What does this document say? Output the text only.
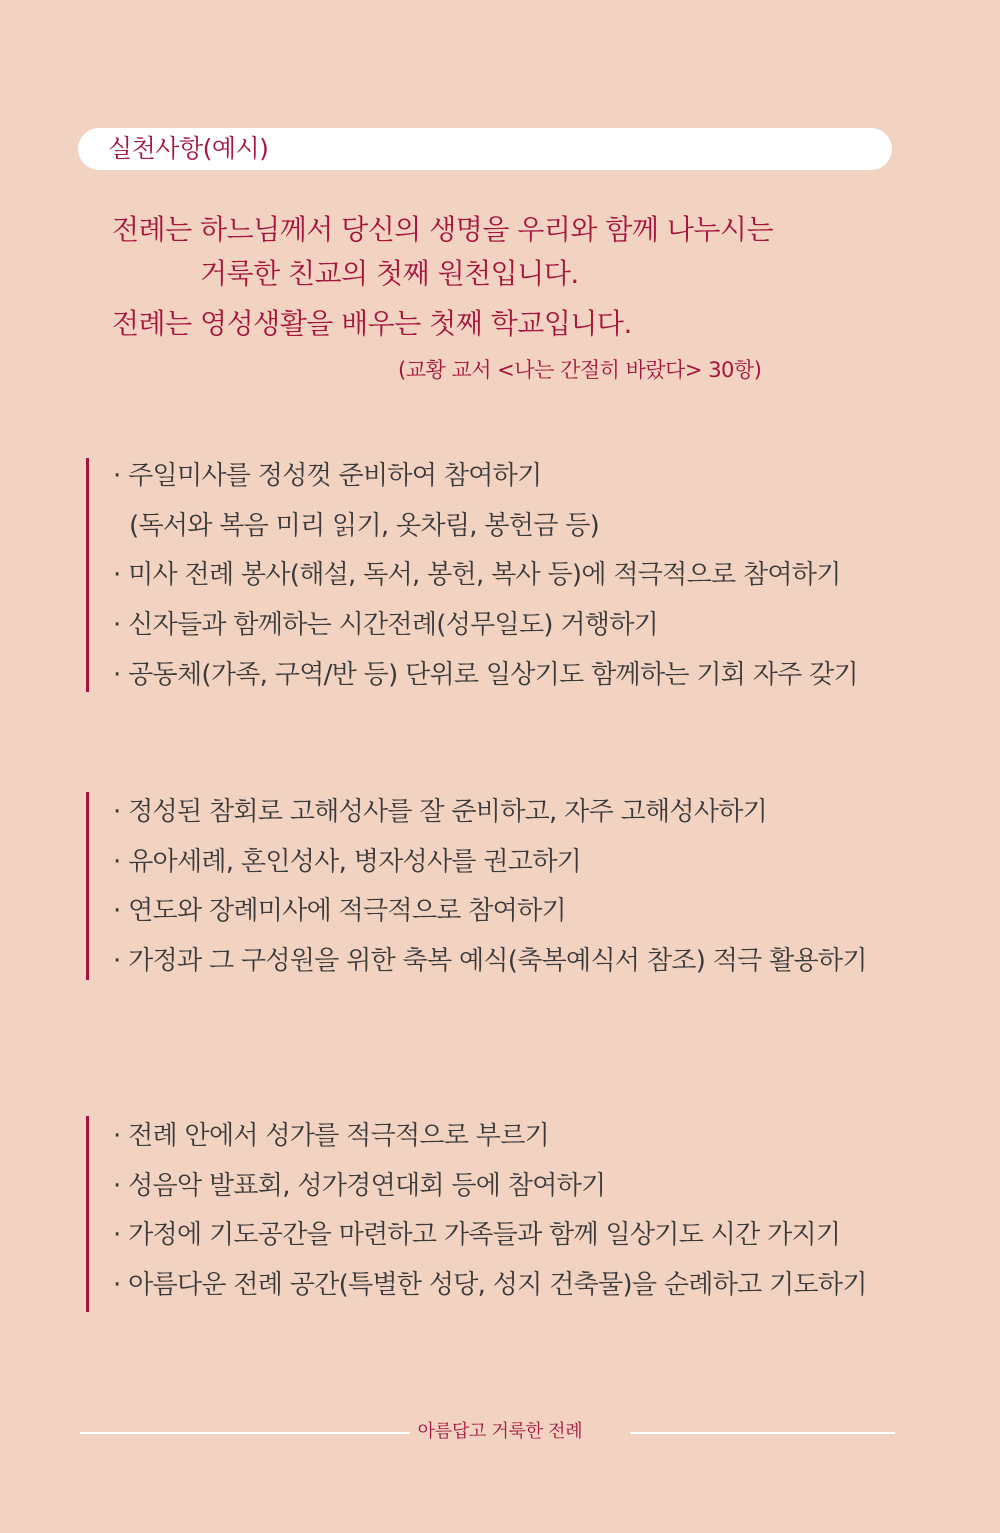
실천사항(예시)
전례는 하느님께서 당신의 생명을 우리와 함께 나누시는
거룩한 친교의 첫째 원천입니다.
전례는 영성생활을 배우는 첫째 학교입니다.
(교황 교서 <나는 간절히 바랐다> 30항)
· 주일미사를 정성껏 준비하여 참여하기
(독서와 복음 미리 읽기, 옷차림, 봉헌금 등)
· 미사 전례 봉사(해설, 독서, 봉헌, 복사 등)에 적극적으로 참여하기
· 신자들과 함께하는 시간전례(성무일도) 거행하기
· 공동체(가족, 구역/반 등) 단위로 일상기도 함께하는 기회 자주 갖기
· 정성된 참회로 고해성사를 잘 준비하고, 자주 고해성사하기
· 유아세례, 혼인성사, 병자성사를 권고하기
· 연도와 장례미사에 적극적으로 참여하기
· 가정과 그 구성원을 위한 축복 예식(축복예식서 참조) 적극 활용하기
· 전례 안에서 성가를 적극적으로 부르기
· 성음악 발표회, 성가경연대회 등에 참여하기
· 가정에 기도공간을 마련하고 가족들과 함께 일상기도 시간 가지기
· 아름다운 전례 공간(특별한 성당, 성지 건축물)을 순례하고 기도하기
아름답고 거룩한 전례
